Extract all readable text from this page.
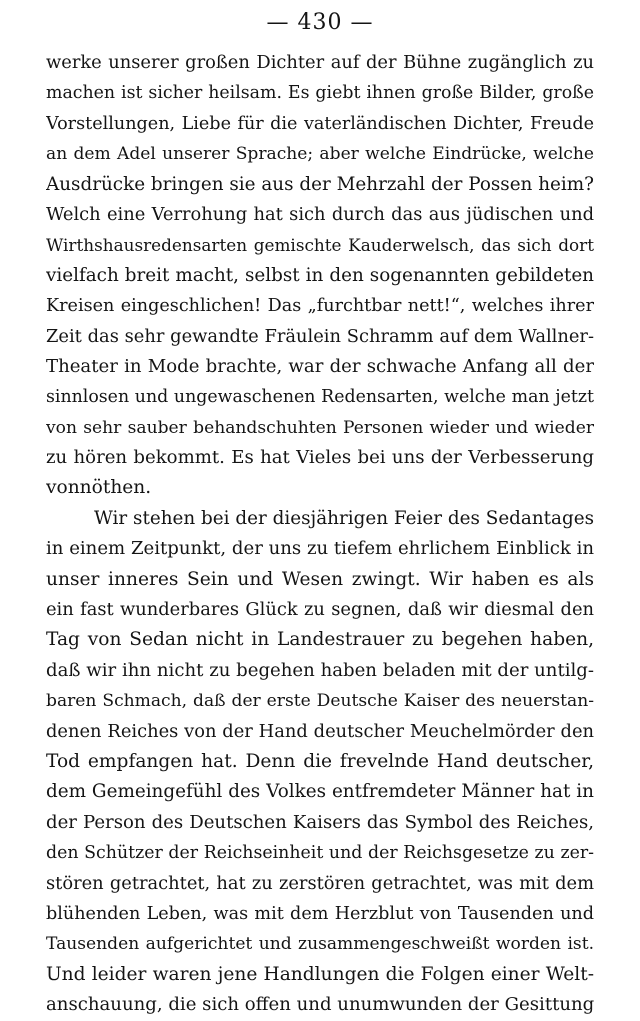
— 430 —
werke unserer großen Dichter auf der Bühne zugänglich zu
machen ist sicher heilsam. Es giebt ihnen große Bilder, große
Vorstellungen, Liebe für die vaterländischen Dichter, Freude
an dem Adel unserer Sprache; aber welche Eindrücke, welche
Ausdrücke bringen sie aus der Mehrzahl der Possen heim?
Welch eine Verrohung hat sich durch das aus jüdischen und
Wirthshausredensarten gemischte Kauderwelsch, das sich dort
vielfach breit macht, selbst in den sogenannten gebildeten
Kreisen eingeschlichen! Das „furchtbar nett!“, welches ihrer
Zeit das sehr gewandte Fräulein Schramm auf dem Wallner-
Theater in Mode brachte, war der schwache Anfang all der
sinnlosen und ungewaschenen Redensarten, welche man jetzt
von sehr sauber behandschuhten Personen wieder und wieder
zu hören bekommt. Es hat Vieles bei uns der Verbesserung
vonnöthen.
Wir stehen bei der diesjährigen Feier des Sedantages
in einem Zeitpunkt, der uns zu tiefem ehrlichem Einblick in
unser inneres Sein und Wesen zwingt. Wir haben es als
ein fast wunderbares Glück zu segnen, daß wir diesmal den
Tag von Sedan nicht in Landestrauer zu begehen haben,
daß wir ihn nicht zu begehen haben beladen mit der untilg-
baren Schmach, daß der erste Deutsche Kaiser des neuerstan-
denen Reiches von der Hand deutscher Meuchelmörder den
Tod empfangen hat. Denn die frevelnde Hand deutscher,
dem Gemeingefühl des Volkes entfremdeter Männer hat in
der Person des Deutschen Kaisers das Symbol des Reiches,
den Schützer der Reichseinheit und der Reichsgesetze zu zer-
stören getrachtet, hat zu zerstören getrachtet, was mit dem
blühenden Leben, was mit dem Herzblut von Tausenden und
Tausenden aufgerichtet und zusammengeschweißt worden ist.
Und leider waren jene Handlungen die Folgen einer Welt-
anschauung, die sich offen und unumwunden der Gesittung
